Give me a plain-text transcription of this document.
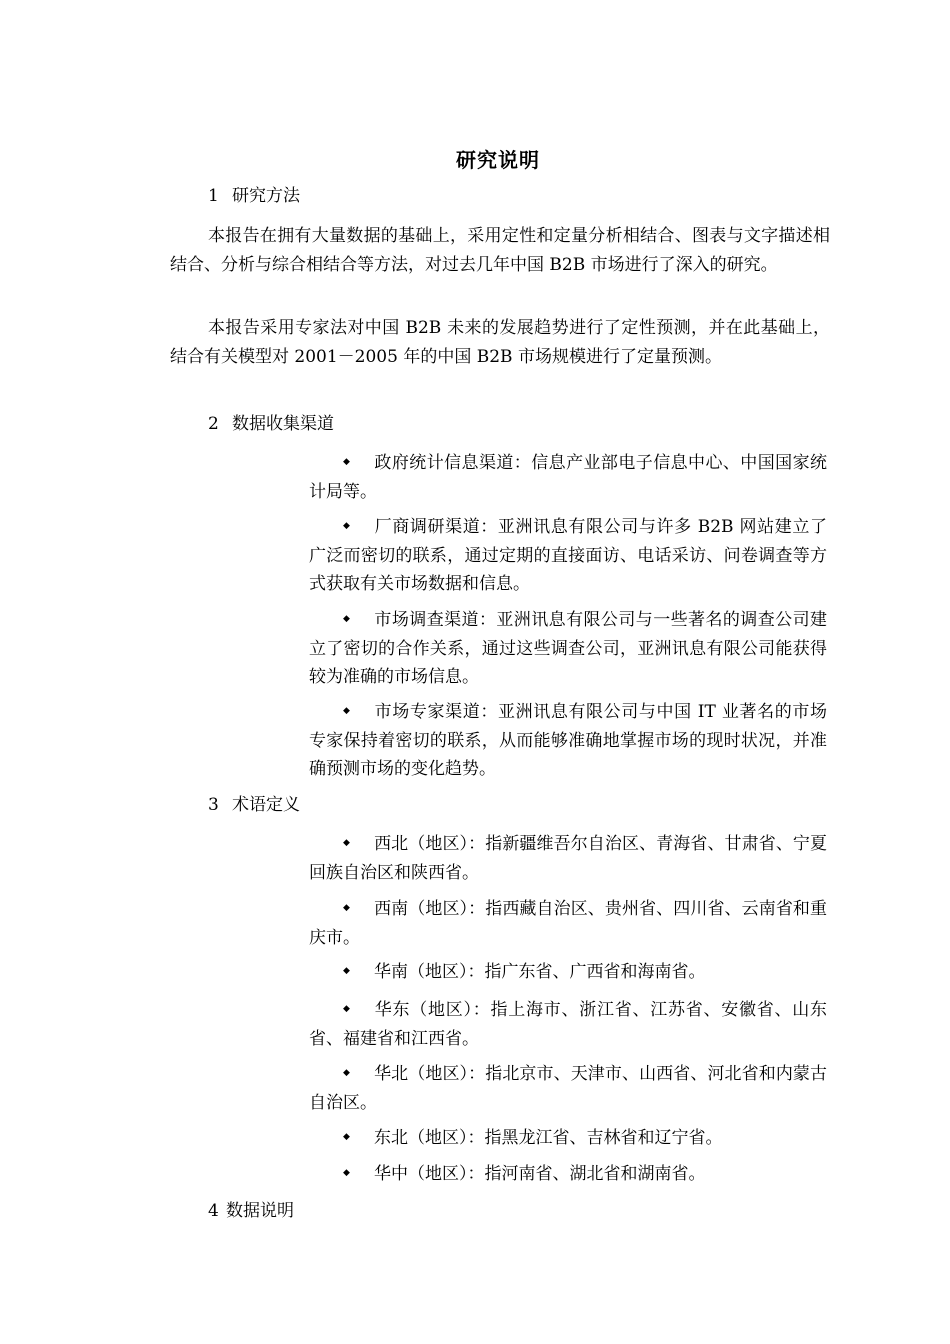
研究说明
1 研究方法
本报告在拥有大量数据的基础上，采用定性和定量分析相结合、图表与文字描述相结合、分析与综合相结合等方法，对过去几年中国 B2B 市场进行了深入的研究。
本报告采用专家法对中国 B2B 未来的发展趋势进行了定性预测，并在此基础上，结合有关模型对 2001－2005 年的中国 B2B 市场规模进行了定量预测。
2 数据收集渠道
◆ 政府统计信息渠道：信息产业部电子信息中心、中国国家统计局等。
◆ 厂商调研渠道：亚洲讯息有限公司与许多 B2B 网站建立了广泛而密切的联系，通过定期的直接面访、电话采访、问卷调查等方式获取有关市场数据和信息。
◆ 市场调查渠道：亚洲讯息有限公司与一些著名的调查公司建立了密切的合作关系，通过这些调查公司，亚洲讯息有限公司能获得较为准确的市场信息。
◆ 市场专家渠道：亚洲讯息有限公司与中国 IT 业著名的市场专家保持着密切的联系，从而能够准确地掌握市场的现时状况，并准确预测市场的变化趋势。
3 术语定义
◆ 西北（地区）：指新疆维吾尔自治区、青海省、甘肃省、宁夏回族自治区和陕西省。
◆ 西南（地区）：指西藏自治区、贵州省、四川省、云南省和重庆市。
◆ 华南（地区）：指广东省、广西省和海南省。
◆ 华东（地区）：指上海市、浙江省、江苏省、安徽省、山东省、福建省和江西省。
◆ 华北（地区）：指北京市、天津市、山西省、河北省和内蒙古自治区。
◆ 东北（地区）：指黑龙江省、吉林省和辽宁省。
◆ 华中（地区）：指河南省、湖北省和湖南省。
4 数据说明
